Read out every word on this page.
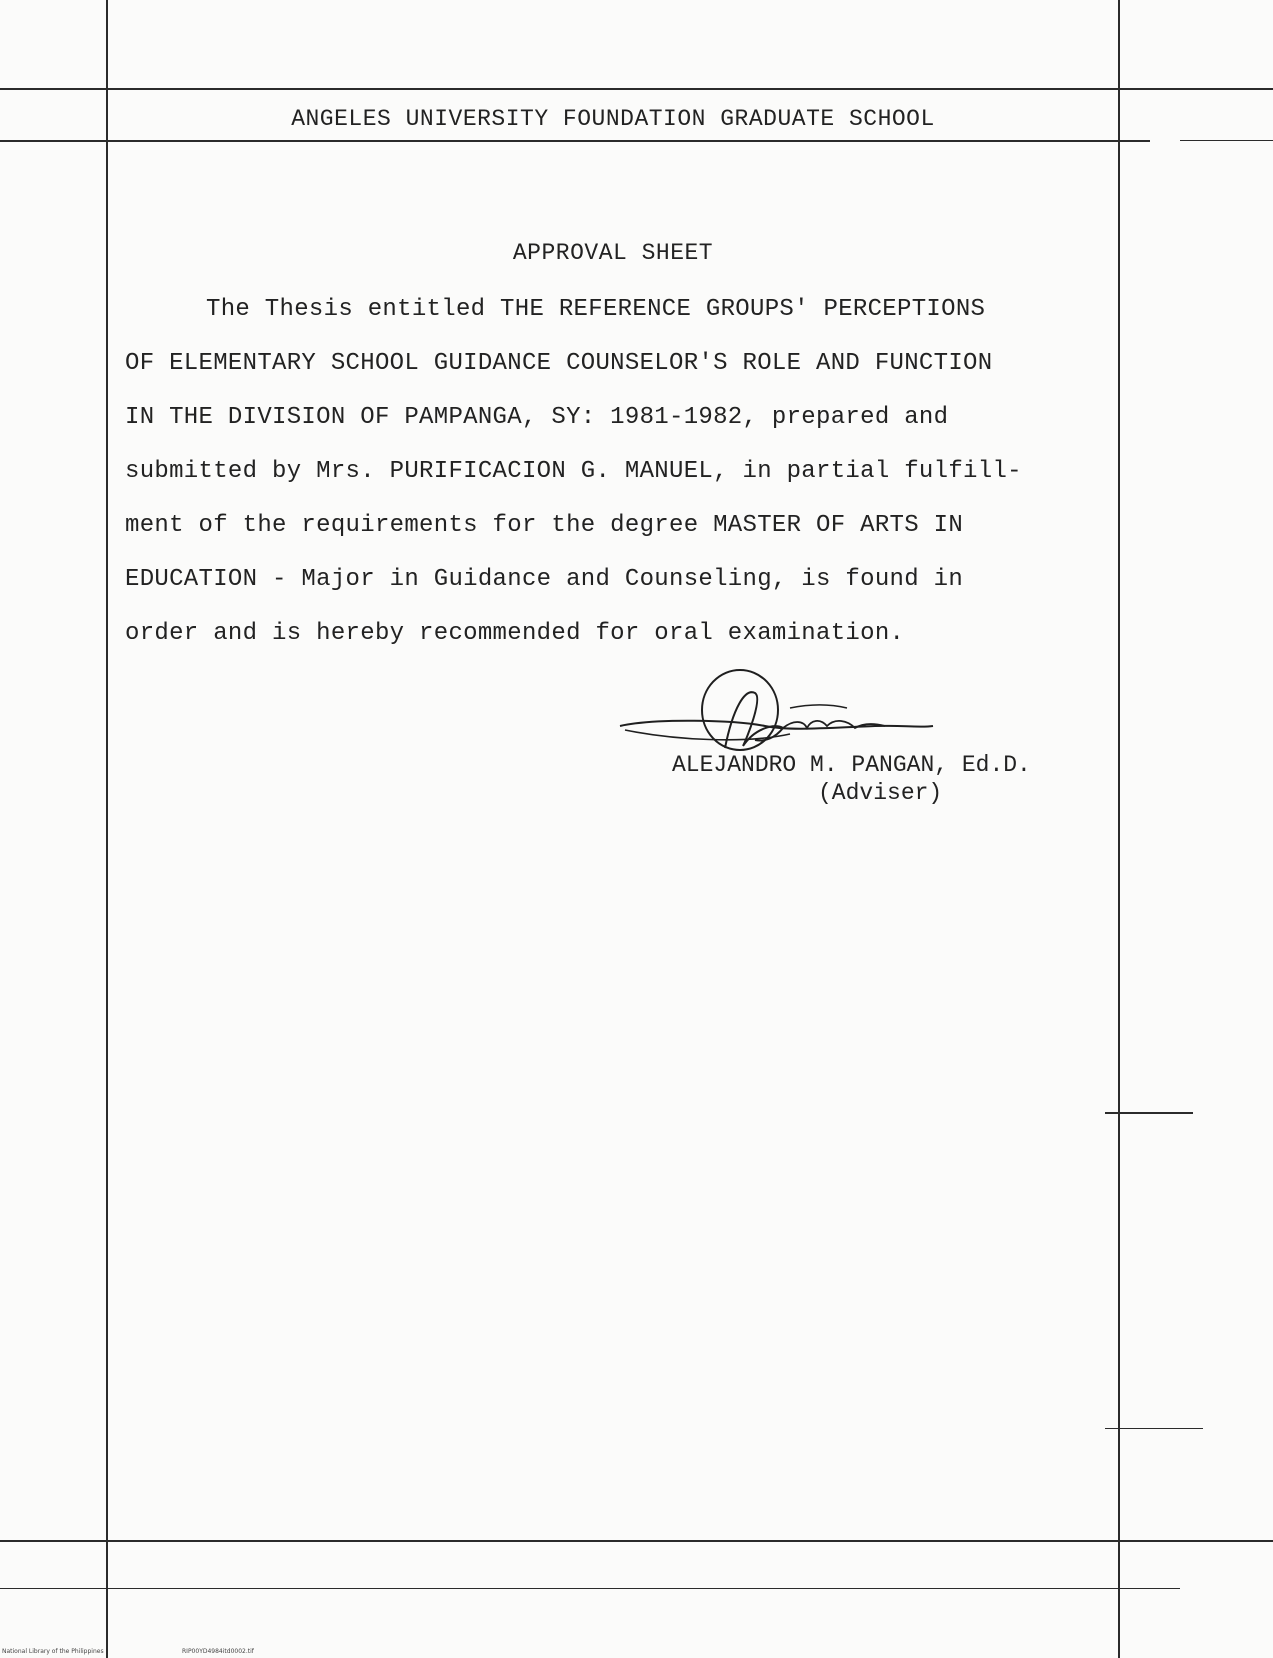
ANGELES UNIVERSITY FOUNDATION GRADUATE SCHOOL
APPROVAL SHEET
The Thesis entitled THE REFERENCE GROUPS' PERCEPTIONS
OF ELEMENTARY SCHOOL GUIDANCE COUNSELOR'S ROLE AND FUNCTION
IN THE DIVISION OF PAMPANGA, SY: 1981-1982, prepared and
submitted by Mrs. PURIFICACION G. MANUEL, in partial fulfill-
ment of the requirements for the degree MASTER OF ARTS IN
EDUCATION - Major in Guidance and Counseling, is found in
order and is hereby recommended for oral examination.
ALEJANDRO M. PANGAN, Ed.D.
(Adviser)
National Library of the Philippines	RIP00YD4984itd0002.tif
